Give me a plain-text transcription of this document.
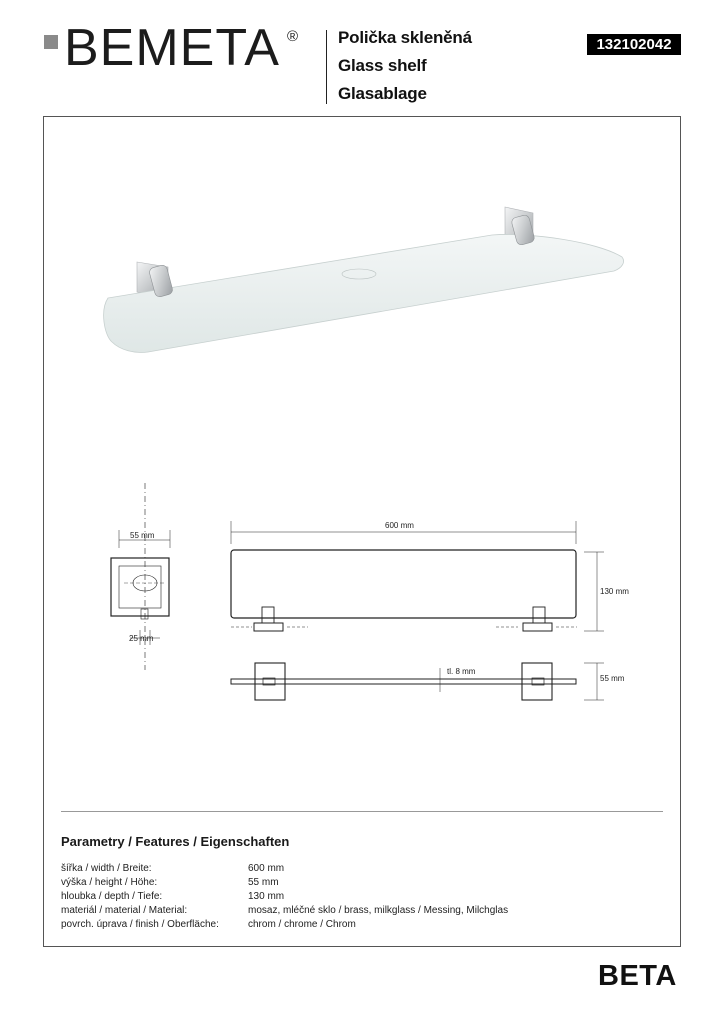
BEMETA ® Polička skleněná
Glass shelf
Glasablage
132102042
55 mm
25 mm
600 mm
130 mm
tl. 8 mm
55 mm
Parametry / Features / Eigenschaften
šířka / width / Breite:	600 mm
výška / height / Höhe:	55 mm
hloubka / depth / Tiefe:	130 mm
materiál / material / Material:	mosaz, mléčné sklo / brass, milkglass / Messing, Milchglas
povrch. úprava / finish / Oberfläche:	chrom / chrome / Chrom
BETA
